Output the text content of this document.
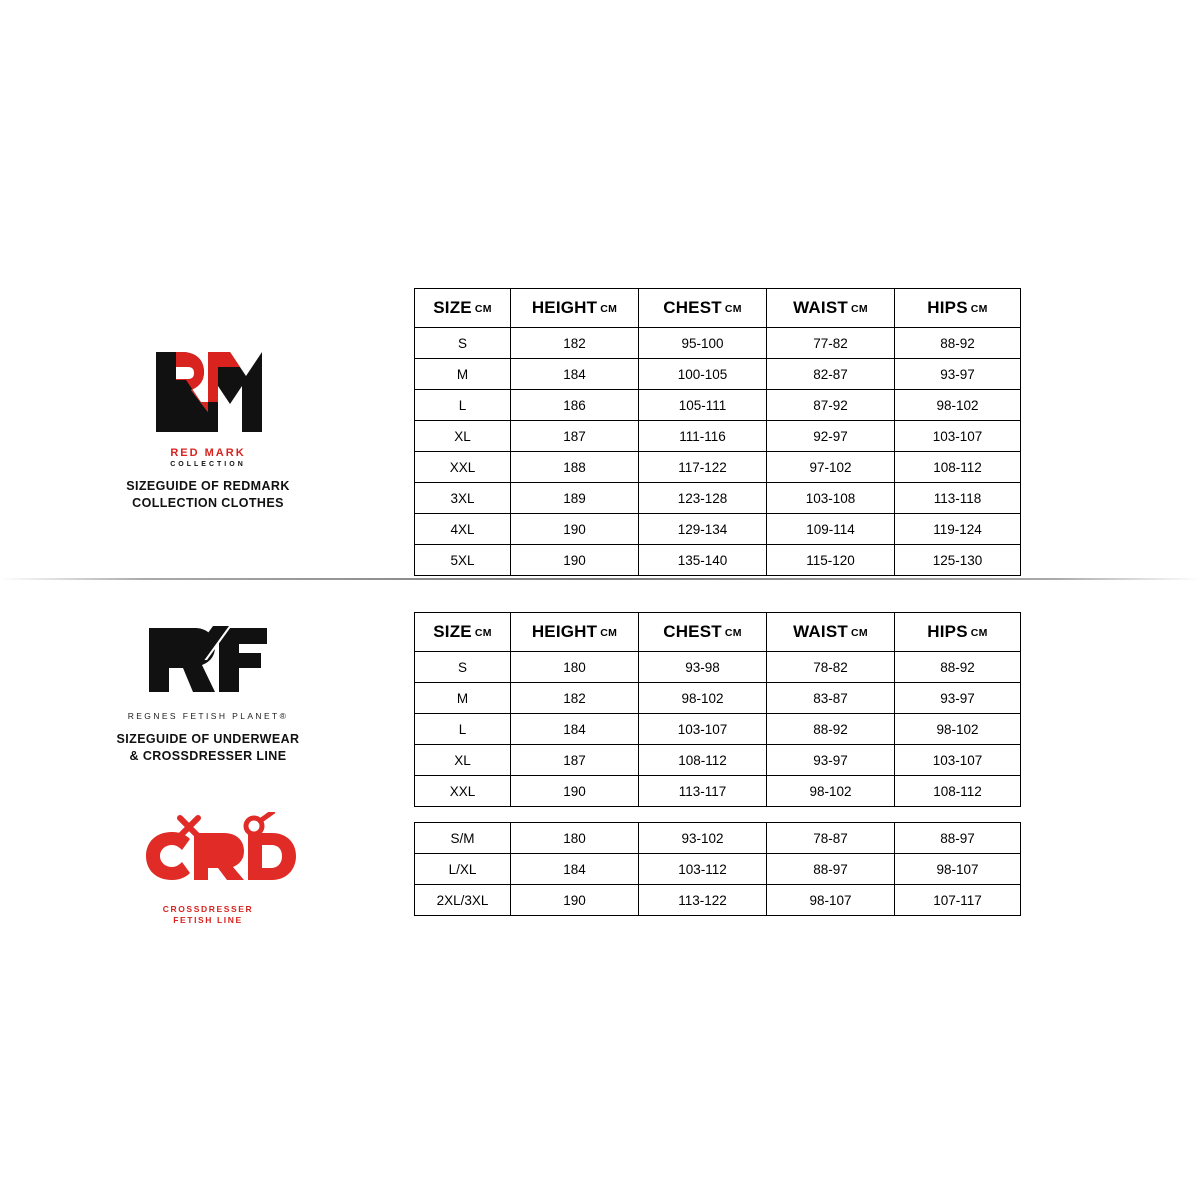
RED MARK
COLLECTION
SIZEGUIDE OF REDMARK
COLLECTION CLOTHES
SIZE CM	HEIGHT CM	CHEST CM	WAIST CM	HIPS CM
S	182	95-100	77-82	88-92
M	184	100-105	82-87	93-97
L	186	105-111	87-92	98-102
XL	187	111-116	92-97	103-107
XXL	188	117-122	97-102	108-112
3XL	189	123-128	103-108	113-118
4XL	190	129-134	109-114	119-124
5XL	190	135-140	115-120	125-130
REGNES FETISH PLANET®
SIZEGUIDE OF UNDERWEAR
& CROSSDRESSER LINE
SIZE CM	HEIGHT CM	CHEST CM	WAIST CM	HIPS CM
S	180	93-98	78-82	88-92
M	182	98-102	83-87	93-97
L	184	103-107	88-92	98-102
XL	187	108-112	93-97	103-107
XXL	190	113-117	98-102	108-112
CROSSDRESSER
FETISH LINE
S/M	180	93-102	78-87	88-97
L/XL	184	103-112	88-97	98-107
2XL/3XL	190	113-122	98-107	107-117
